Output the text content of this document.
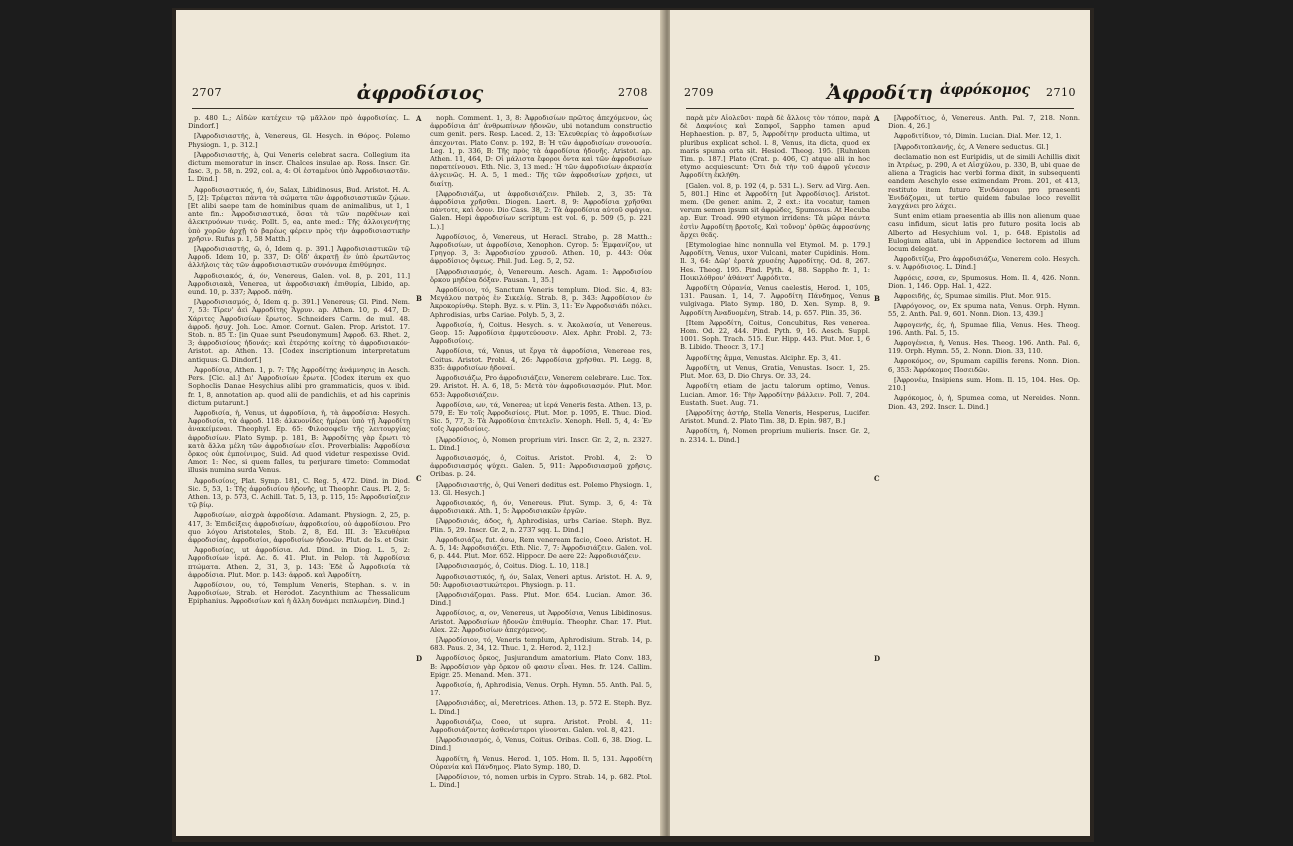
2707	ἀφροδίσιος	2708

p. 480 L.; Αἰδὼν κατέχειν τῷ μᾶλλον πρὸ ἀφροδισίας. L. Dindorf.]

[Ἀφροδισιαστής, à, Venereus, Gl. Hesych. in Θόρος. Polemo Physiogn. 1, p. 312.]

[Ἀφροδισιαστής, à, Qui Veneris celebrat sacra. Collegium ita dictum memoratur in inscr. Chalces insulae ap. Ross. Inscr. Gr. fasc. 3, p. 58, n. 292, col. a, 4: Οἱ ἐσταμένοι ὑπὸ Ἀφροδισιαστᾶν. L. Dind.]

Ἀφροδισιαστικός, ή, όν, Salax, Libidinosus, Bud. Aristot. H. A. 5, [2]: Τρέφεται πάντα τὰ σώματα τῶν ἀφροδισιαστικῶν ζῴων. [Et alibi saepe tam de hominibus quam de animalibus, ut 1, 1 ante fin.: Ἀφροδισιαστικά, ὅσαι τὰ τῶν παρθένων καὶ ἀλεκτρυόνων τινάς. Pollt. 5, ea, ante med.: Τῆς ἀλλοιγενήτης ὑπὸ χορῶν ἀρχῇ τὸ βαρέως φέρειν πρὸς τὴν ἀφροδισιαστικὴν χρῆσιν. Rufus p. 1, 58 Matth.]

[Ἀφροδισιαστής, ῶ, ὁ, Idem q. p. 391.] Ἀφροδισιαστικῶν τῷ Ἀφροδ. Idem 10, p. 337, D: Οἵδ' ἀκρατῇ ἐν ὑπὸ ἐρωτῶντος ἀλλήλοις τὰς τῶν ἀφροδισιαστικῶν συνόνυμα ἐπιθύμησε.

Ἀφροδισιακός, ά, όν, Venereus, Galen. vol. 8, p. 201, 11.] Ἀφροδισιακὰ, Venerea, ut ἀφροδισιακὴ ἐπιθυμία, Libido, ap. eund. 10, p. 337; Ἀφροδ. πάθη.

[Ἀφροδισιασμός, ὁ, Idem q. p. 391.] Venereus; Gl. Pind. Nem. 7, 53: Τίρεν' ἀεὶ Ἀφροδίτης Ἄγρυν. ap. Athen. 10, p. 447, D: Χάριτες Ἀφροδισίων ἔρωτος. Schneiders Carm. de mul. 48. ἀφροδ. ἡσυχ. Joh. Loc. Amor. Cornut. Galen. Prop. Aristot. 17. Stob. n. 85 T.: [in Quae sunt Pseudonymum] Ἀφροδ. 63. Rhet. 2, 3; ἀφροδισίους ἡδονάς: καὶ ἐτερότης κοίτης τὸ ἀφροδισιακόν· Aristot. ap. Athen. 13. [Codex inscriptionum interpretatum antiquus: G. Dindorf.]

Ἀφροδίσια, Athen. 1, p. 7: Τῆς Ἀφροδίτης ἀνάμνησις in Aesch. Pers. [Cic. al.] Δι' Ἀφροδισίων ἔρωτα. [Codex iterum ex quo Sophoclis Danae Hesychius alibi pro grammaticis, quos v. ibid. fr. 1, 8, annotation ap. quod alii de pandichiis, et ad his caprinis dictum putarunt.]

Ἀφροδισία, ἡ, Venus, ut ἀφροδίσια, ἡ, τὰ ἀφροδίσια: Hesych. Ἀφροδισία, τὰ ἀφροδ. 118: ἀλκυονίδες ἡμέραι ὑπὸ τῇ Ἀφροδίτῃ ἀνακείμεναι. Theophyl. Ep. 65: Φιλοσοφεῖν τῆς λειτουργίας ἀφροδισίων. Plato Symp. p. 181, B: Ἀφροδίτης γὰρ ἔρωτι τὸ κατὰ ἄλλα μέλη τῶν ἀφροδισίων εἴσι. Proverbialis: Ἀφροδίσια ὅρκος οὐκ ἐμποίνιμος, Suid. Ad quod videtur respexisse Ovid. Amor. 1: Nec, si quem falles, tu perjurare timeto: Commodat illusis numina surda Venus.

Ἀφροδισίοις, Plat. Symp. 181, C. Reg. 5, 472. Dind. in Diod. Sic. 5, 53, 1: Τῆς ἀφροδισίου ἡδονῆς, ut Theophr. Caus. Pl. 2, 5: Athen. 13, p. 573, C. Achill. Tat. 5, 13, p. 115, 15: Ἀφροδισίαζειν τῷ βίῳ.

Ἀφροδισίων, αἰσχρὰ ἀφροδίσια. Adamant. Physiogn. 2, 25, p. 417, 3: Ἐπιδείξεις ἀφροδισίων, ἀφροδισίου, οὐ ἀφροδίσιου. Pro quo λόγου Aristoteles, Stob. 2, 8, Ed. III. 3: Ἐλευθέρια ἀφροδισίας, ἀφροδισίοι, ἀφροδισίων ἡδονῶν. Plut. de Is. et Osir.

Ἀφροδισίας, ut ἀφροδίσια. Ad. Dind. in Diog. L. 5, 2: Ἀφροδισίων ἰερά. Ac. δ. 41. Plut. in Pelop. τὰ Ἀφροδίσια πτώματα. Athen. 2, 31, 3, p. 143: Ἐδὲ ὧ Ἀφροδισία τὰ ἀφροδίσια. Plut. Mor. p. 143: ἀφροδ. καὶ Ἀφροδίτη.

Ἀφροδίσιον, ου, τό, Templum Veneris, Stephan. s. v. in Ἀφροδισίων, Strab. et Herodot. Zacynthium ac Thessalicum Epiphanius. Ἀφροδισίων καὶ ἡ ἄλλη δυνάμει πεπλωμένη. Dind.]

A
B
C
D

noph. Comment. 1, 3, 8: Ἀφροδισίων πρῶτος ἀπεχόμενον, ὡς ἀφροδίσια ἀπ' ἀνθρωπίνων ἡδονῶν, ubi notandum constructio cum genit. pers. Resp. Laced. 2, 13: Ἐλευθερίας τὸ ἀφροδισίων ἀπεχονται. Plato Conv. p. 192, B: Ἡ τῶν ἀφροδισίων συνουσία. Leg. 1, p. 336, B: Τῆς πρὸς τὰ ἀφροδίσια ἡδονῆς. Aristot. ap. Athen. 11, 464, D: Οἱ μάλιστα ἔφοροι ὄντα καὶ τῶν ἀφροδισίων παρατείνουσι. Eth. Nic. 3, 13 med.: Ἡ τῶν ἀφροδισίων ἀκρασία ἀλγεινῶς. H. A. 5, 1 med.: Τῆς τῶν ἀφροδισίων χρήσει, ut διαίτῃ.

[Ἀφροδισιάζω, ut ἀφροδισιάζειν. Phileb. 2, 3, 35: Τὰ ἀφροδίσια χρῆσθαι. Diogen. Laert. 8, 9: Ἀφροδίσια χρῆσθαι πάντοτε, καὶ ὅσον. Dio Cass. 38, 2: Τὰ ἀφροδίσια αὐτοῦ σφάγια. Galen. Hepi ἀφροδισίων scriptum est vol. 6, p. 509 (5, p. 221 L.).]

Ἀφροδίσιος, ὁ, Venereus, ut Heracl. Strabo, p. 28 Matth.: Ἀφροδισίων, ut ἀφροδίσια, Xenophon. Cyrop. 5: Ἐμφανίζον, ut Γρηγορ. 3, 3: Ἀφροδισίου χρυσοῦ. Athen. 10, p. 443: Οὐκ ἀφροδίσιος ὄψεως. Phil. Jud. Leg. 5, 2, 52.

[Ἀφροδισιασμός, ὁ, Venereum. Aesch. Agam. 1: Ἀφροδισίου ὄρκου μηδένα δόξαν. Pausan. 1, 35.]

Ἀφροδίσιον, τό, Sanctum Veneris templum. Diod. Sic. 4, 83: Μεγάλου πατρὸς ἐν Σικελίᾳ. Strab. 8, p. 343: Ἀφροδίσιον ἐν Ἀκροκορίνθῳ. Steph. Byz. s. v. Plin. 3, 11: Ἐν Ἀφροδισιάδι πόλει. Aphrodisias, urbs Cariae. Polyb. 5, 3, 2.

Ἀφροδισία, ἡ, Coitus. Hesych. s. v. Ἀκολασία, ut Venereus. Geop. 15: Ἀφροδίσια ἐμφυτεύουσιν. Alex. Aphr. Probl. 2, 73: Ἀφροδισίοις.

Ἀφροδίσια, τά, Venus, ut ἔργα τὰ ἀφροδίσια, Venereae res, Coitus. Aristot. Probl. 4, 26: Ἀφροδίσια χρῆσθαι. Pl. Legg. 8, 835: ἀφροδισίων ἡδοναί.

Ἀφροδισιάζω, Pro ἀφροδισιάζειν, Venerem celebrare. Luc. Tox. 29. Aristot. H. A. 6, 18, 5: Μετὰ τὸν ἀφροδισιασμόν. Plut. Mor. 653: Ἀφροδισιάζειν.

Ἀφροδίσια, ων, τά, Venerea; ut ἱερά Veneris festa. Athen. 13, p. 579, E: Ἐν τοῖς Ἀφροδισίοις. Plut. Mor. p. 1095, E. Thuc. Diod. Sic. 5, 77, 3: Τὰ Ἀφροδίσια ἐπιτελεῖν. Xenoph. Hell. 5, 4, 4: Ἐν τοῖς Ἀφροδισίοις.

[Ἀφροδίσιος, ὁ, Nomen proprium viri. Inscr. Gr. 2, 2, n. 2327. L. Dind.]

Ἀφροδισιασμός, ὁ, Coitus. Aristot. Probl. 4, 2: Ὁ ἀφροδισιασμός ψύχει. Galen. 5, 911: Ἀφροδισιασμοῦ χρῆσις. Oribas. p. 24.

[Ἀφροδισιαστής, ὁ, Qui Veneri deditus est. Polemo Physiogn. 1, 13. Gl. Hesych.]

Ἀφροδισιακός, ή, όν, Venereus. Plut. Symp. 3, 6, 4: Τὰ ἀφροδισιακά. Ath. 1, 5: Ἀφροδισιακῶν ἐργῶν.

[Ἀφροδισιάς, άδος, ἡ, Aphrodisias, urbs Cariae. Steph. Byz. Plin. 5, 29. Inscr. Gr. 2, n. 2737 sqq. L. Dind.]

Ἀφροδισιάζω, fut. άσω, Rem veneream facio, Coeo. Aristot. H. A. 5, 14: Ἀφροδισιάζει. Eth. Nic. 7, 7: Ἀφροδισιάζειν. Galen. vol. 6, p. 444. Plut. Mor. 652. Hippocr. De aere 22: Ἀφροδισιάζειν.

[Ἀφροδισιασμός, ὁ, Coitus. Diog. L. 10, 118.]

Ἀφροδισιαστικός, ή, όν, Salax, Veneri aptus. Aristot. H. A. 9, 50: Ἀφροδισιαστικώτεροι. Physiogn. p. 11.

[Ἀφροδισιάζομαι. Pass. Plut. Mor. 654. Lucian. Amor. 36. Dind.]

Ἀφροδίσιος, α, ον, Venereus, ut Ἀφροδίσια, Venus Libidinosus. Aristot. Ἀφροδισίων ἡδονῶν ἐπιθυμία. Theophr. Char. 17. Plut. Alex. 22: Ἀφροδισίων ἀπεχόμενος.

[Ἀφροδίσιον, τό, Veneris templum, Aphrodisium. Strab. 14, p. 683. Paus. 2, 34, 12. Thuc. 1, 2. Herod. 2, 112.]

Ἀφροδίσιος ὄρκος, Jusjurandum amatorium. Plato Conv. 183, B: Ἀφροδίσιον γὰρ ὅρκον οὔ φασιν εἶναι. Hes. fr. 124. Callim. Epigr. 25. Menand. Men. 371.

Ἀφροδισία, ἡ, Aphrodisia, Venus. Orph. Hymn. 55. Anth. Pal. 5, 17.

[Ἀφροδισιάδες, αἱ, Meretrices. Athen. 13, p. 572 E. Steph. Byz. L. Dind.]

Ἀφροδισιάζω, Coeo, ut supra. Aristot. Probl. 4, 11: Ἀφροδισιάζοντες ἀσθενέστεροι γίνονται. Galen. vol. 8, 421.

[Ἀφροδισιασμός, ὁ, Venus, Coitus. Oribas. Coll. 6, 38. Diog. L. Dind.]

Ἀφροδίτη, ἡ, Venus. Herod. 1, 105. Hom. Il. 5, 131. Ἀφροδίτη Οὐρανία καὶ Πάνδημος. Plato Symp. 180, D.

[Ἀφροδίσιον, τό, nomen urbis in Cypro. Strab. 14, p. 682. Ptol. L. Dind.]

2709	Ἀφροδίτη ἀφρόκομος 2710

παρὰ μὲν Αἰολεῦσι· παρὰ δὲ ἄλλοις τὸν τόπον, παρὰ δὲ Δαφνίοις καὶ Σαπφοῖ, Sappho tamen apud Hephaestion. p. 87, 5, Ἀφροδίτην producta ultima, ut pluribus explicat schol. l. 8, Venus, ita dicta, quod ex maris spuma orta sit. Hesiod. Theog. 195. [Ruhnken Tim. p. 187.] Plato (Crat. p. 406, C) atque alii in hoc etymo acquiescunt: Ὅτι διὰ τὴν τοῦ ἀφροῦ γένεσιν Ἀφροδίτη ἐκλήθη.

[Galen. vol. 8, p. 192 (4, p. 531 L.). Serv. ad Virg. Aen. 5, 801.] Hinc et Ἀφροδίτη [ut Ἀφροδίσιος]. Aristot. mem. (De gener. anim. 2, 2 ext.: ita vocatur, tamen verum semen ipsum sit ἀφρώδες, Spumosus. At Hecuba ap. Eur. Troad. 990 etymon irridens: Τὰ μῶρα πάντα ἐστὶν Ἀφροδίτη βροτοῖς, Καὶ τοὔνομ' ὀρθῶς ἀφροσύνης ἄρχει θεᾶς.

[Etymologiae hinc nonnulla vel Etymol. M. p. 179.] Ἀφροδίτη, Venus, uxor Vulcani, mater Cupidinis. Hom. Il. 3, 64: Δῶρ' ἐρατὰ χρυσέης Ἀφροδίτης. Od. 8, 267. Hes. Theog. 195. Pind. Pyth. 4, 88. Sappho fr. 1, 1: Ποικιλόθρον' ἀθάνατ' Ἀφρόδιτα.

Ἀφροδίτη Οὐρανία, Venus caelestis, Herod. 1, 105, 131. Pausan. 1, 14, 7. Ἀφροδίτη Πάνδημος, Venus vulgivaga. Plato Symp. 180, D. Xen. Symp. 8, 9. Ἀφροδίτη Ἀναδυομένη, Strab. 14, p. 657. Plin. 35, 36.

[Item Ἀφροδίτη, Coitus, Concubitus, Res venerea. Hom. Od. 22, 444. Pind. Pyth. 9, 16. Aesch. Suppl. 1001. Soph. Trach. 515. Eur. Hipp. 443. Plut. Mor. 1, 6 B. Libido. Theocr. 3, 17.]

Ἀφροδίτης ἄμμα, Venustas. Alciphr. Ep. 3, 41.

Ἀφροδίτη, ut Venus, Gratia, Venustas. Isocr. 1, 25. Plut. Mor. 63, D. Dio Chrys. Or. 33, 24.

Ἀφροδίτη etiam de jactu talorum optimo, Venus. Lucian. Amor. 16: Τὴν Ἀφροδίτην βάλλειν. Poll. 7, 204. Eustath. Suet. Aug. 71.

[Ἀφροδίτης ἀστήρ, Stella Veneris, Hesperus, Lucifer. Aristot. Mund. 2. Plato Tim. 38, D. Epin. 987, B.]

Ἀφροδίτη, ἡ, Nomen proprium mulieris. Inscr. Gr. 2, n. 2314. L. Dind.]

A
B
C
D

[Ἀφροδίτιος, ὁ, Venereus. Anth. Pal. 7, 218. Nonn. Dion. 4, 26.]

Ἀφροδιτίδιον, τό, Dimin. Lucian. Dial. Mer. 12, 1.

[Ἀφροδιτοπλανής, ές, A Venere seductus. Gl.]

declamatio non est Euripidis, ut de simili Achillis dixit in Ἀτρέως, p. 290, A et Αἰσχύλου, p. 330, B, ubi quae de aliena a Tragicis hac verbi forma dixit, in subsequenti eandem Aeschylo esse eximendam Prom. 201, et 413, restituto item futuro Ἐνιδάσομαι pro praesenti Ἐνιδάζομαι, ut tertio quidem fabulae loco revellit λαγχάνει pro λάχει.

Sunt enim etiam praesentia ab illis non alienum quae casu infidum, sicut latis pro futuro posita locis ab Alberto ad Hesychium vol. 1, p. 648. Epistolis ad Eulogium allata, ubi in Appendice lectorem ad illum locum delegat.

Ἀφροδιτίζω, Pro ἀφροδισιάζω, Venerem colo. Hesych. s. v. Ἀφρόδισιος. L. Dind.]

Ἀφρόεις, εσσα, εν, Spumosus. Hom. Il. 4, 426. Nonn. Dion. 1, 146. Opp. Hal. 1, 422.

Ἀφροειδής, ές, Spumae similis. Plut. Mor. 915.

[Ἀφρόγονος, ον, Ex spuma nata, Venus. Orph. Hymn. 55, 2. Anth. Pal. 9, 601. Nonn. Dion. 13, 439.]

Ἀφρογενής, ές, ἡ, Spumae filia, Venus. Hes. Theog. 196. Anth. Pal. 5, 15.

Ἀφρογένεια, ἡ, Venus. Hes. Theog. 196. Anth. Pal. 6, 119. Orph. Hymn. 55, 2. Nonn. Dion. 33, 110.

Ἀφροκόμος, ον, Spumam capillis ferens. Nonn. Dion. 6, 353: Ἀφρόκομος Ποσειδῶν.

[Ἀφρονέω, Insipiens sum. Hom. Il. 15, 104. Hes. Op. 210.]

Ἀφρόκομος, ὁ, ἡ, Spumea coma, ut Nereides. Nonn. Dion. 43, 292. Inscr. L. Dind.]
